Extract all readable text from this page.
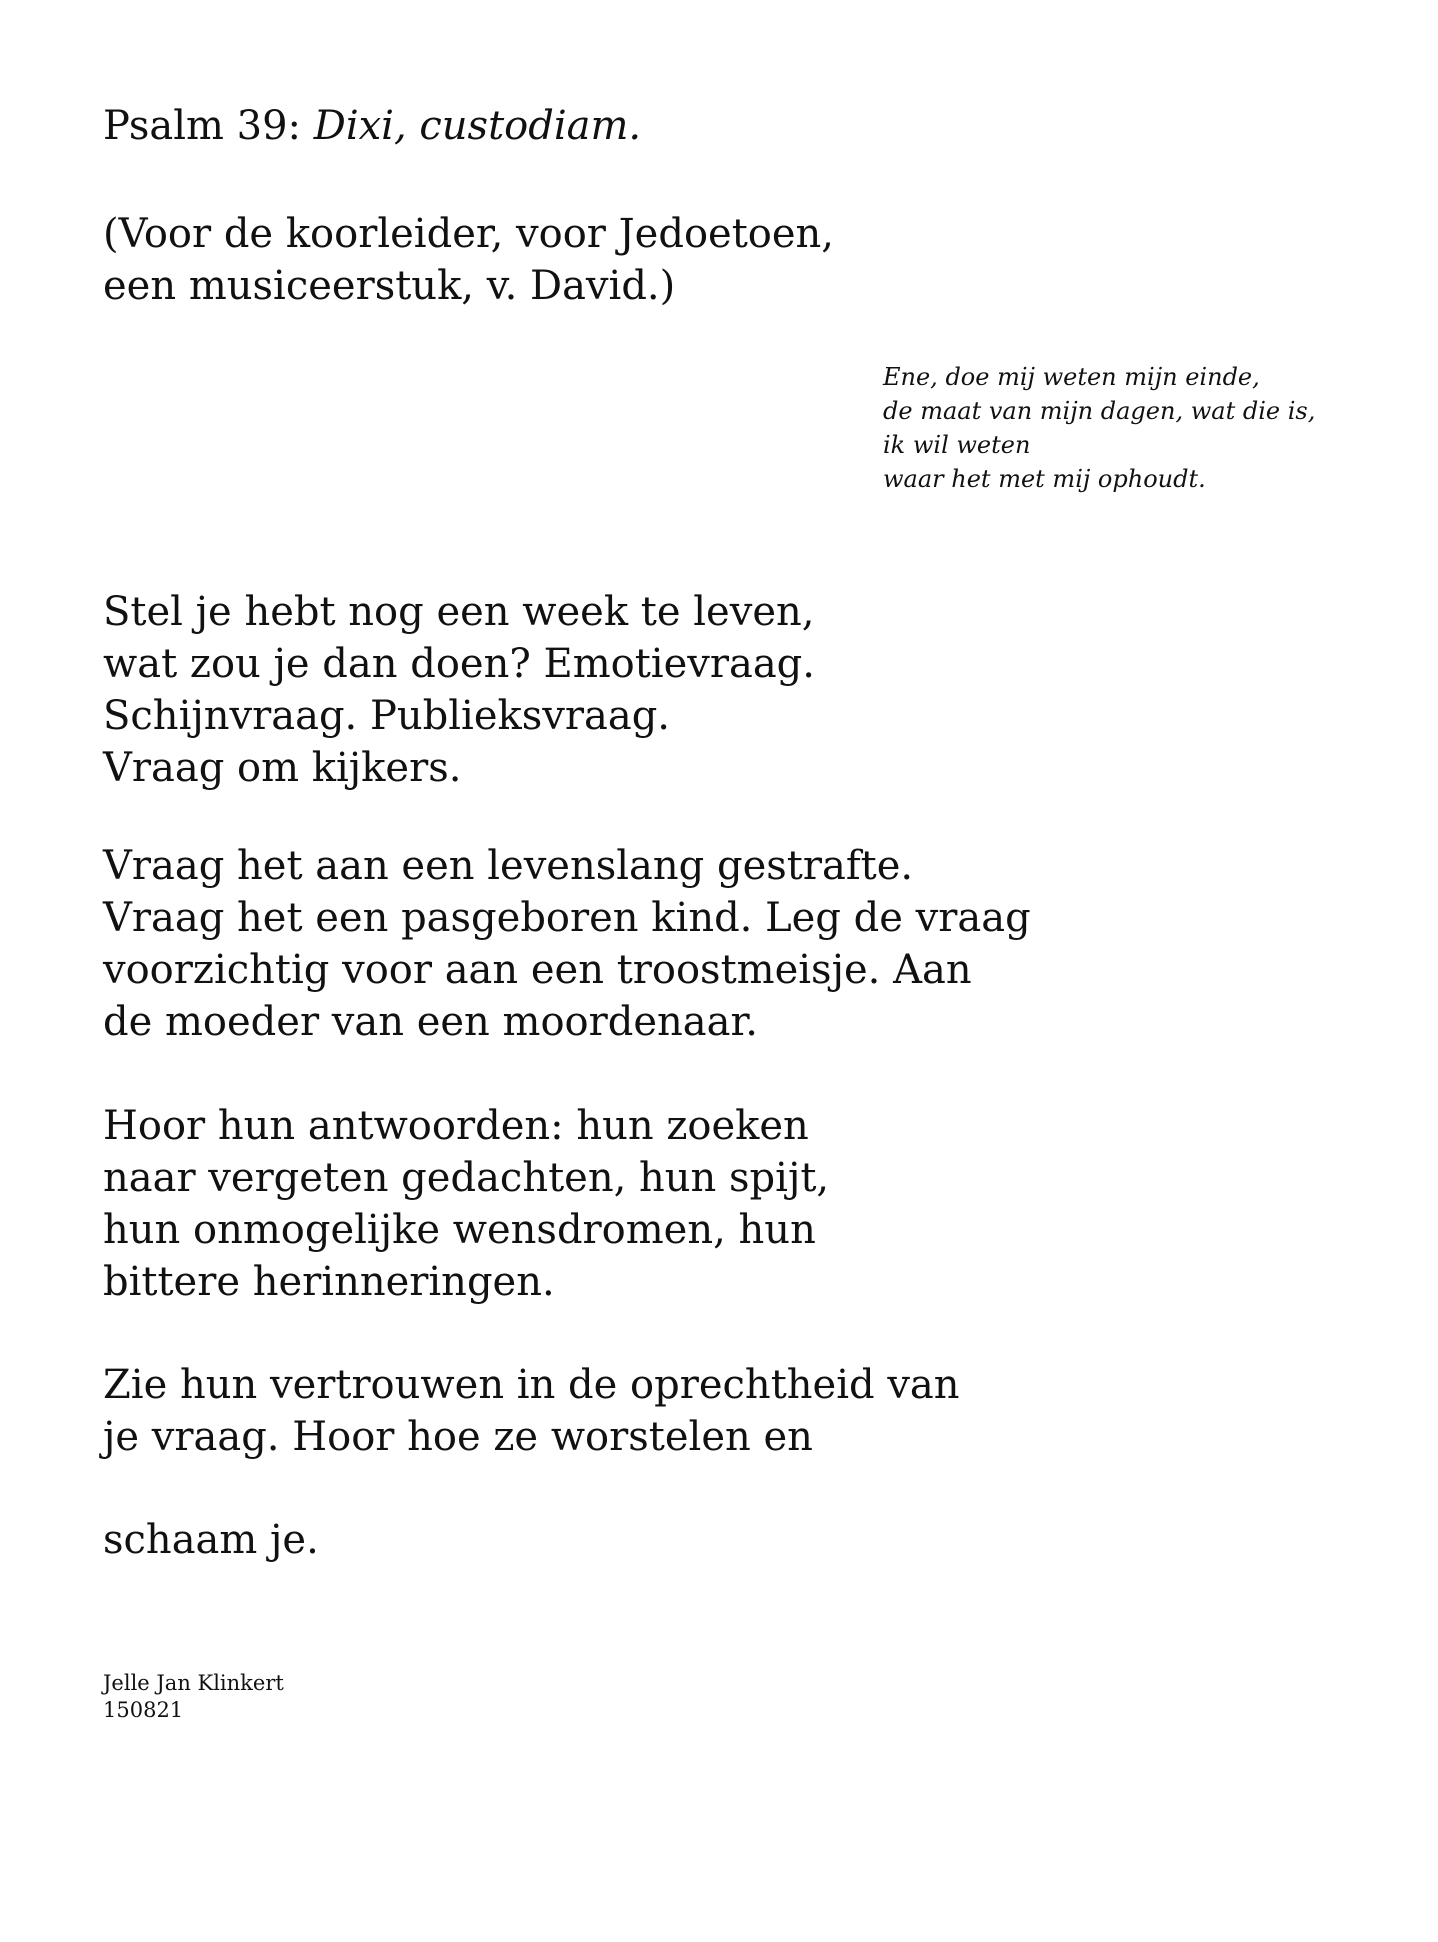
Psalm 39: Dixi, custodiam.
(Voor de koorleider, voor Jedoetoen,
een musiceerstuk, v. David.)
Ene, doe mij weten mijn einde,
de maat van mijn dagen, wat die is,
ik wil weten
waar het met mij ophoudt.
Stel je hebt nog een week te leven,
wat zou je dan doen? Emotievraag.
Schijnvraag. Publieksvraag.
Vraag om kijkers.
Vraag het aan een levenslang gestrafte.
Vraag het een pasgeboren kind. Leg de vraag
voorzichtig voor aan een troostmeisje. Aan
de moeder van een moordenaar.
Hoor hun antwoorden: hun zoeken
naar vergeten gedachten, hun spijt,
hun onmogelijke wensdromen, hun
bittere herinneringen.
Zie hun vertrouwen in de oprechtheid van
je vraag. Hoor hoe ze worstelen en
schaam je.
Jelle Jan Klinkert
150821
